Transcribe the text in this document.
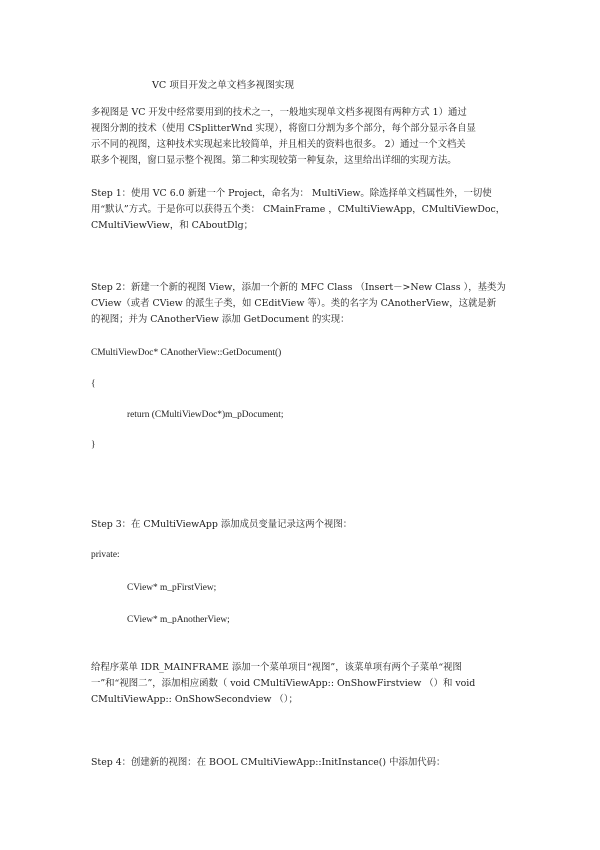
VC 项目开发之单文档多视图实现
多视图是 VC 开发中经常要用到的技术之一，一般地实现单文档多视图有两种方式 1）通过
视图分割的技术（使用 CSplitterWnd 实现），将窗口分割为多个部分，每个部分显示各自显
示不同的视图，这种技术实现起来比较简单，并且相关的资料也很多。 2）通过一个文档关
联多个视图，窗口显示整个视图。第二种实现较第一种复杂，这里给出详细的实现方法。
Step 1：使用 VC 6.0 新建一个 Project，命名为： MultiView。除选择单文档属性外，一切使
用“默认”方式。于是你可以获得五个类： CMainFrame ，CMultiViewApp，CMultiViewDoc，
CMultiViewView，和 CAboutDlg；
Step 2：新建一个新的视图 View，添加一个新的 MFC Class （Insert－>New Class ），基类为
CView（或者 CView 的派生子类，如 CEditView 等）。类的名字为 CAnotherView，这就是新
的视图；并为 CAnotherView 添加 GetDocument 的实现：
CMultiViewDoc* CAnotherView::GetDocument()
{
return (CMultiViewDoc*)m_pDocument;
}
Step 3：在 CMultiViewApp 添加成员变量记录这两个视图：
private:
CView* m_pFirstView;
CView* m_pAnotherView;
给程序菜单 IDR_MAINFRAME 添加一个菜单项目“视图”，该菜单项有两个子菜单“视图
一”和“视图二”，添加相应函数（ void CMultiViewApp:: OnShowFirstview （）和 void
CMultiViewApp:: OnShowSecondview （）；
Step 4：创建新的视图：在 BOOL CMultiViewApp::InitInstance() 中添加代码：
